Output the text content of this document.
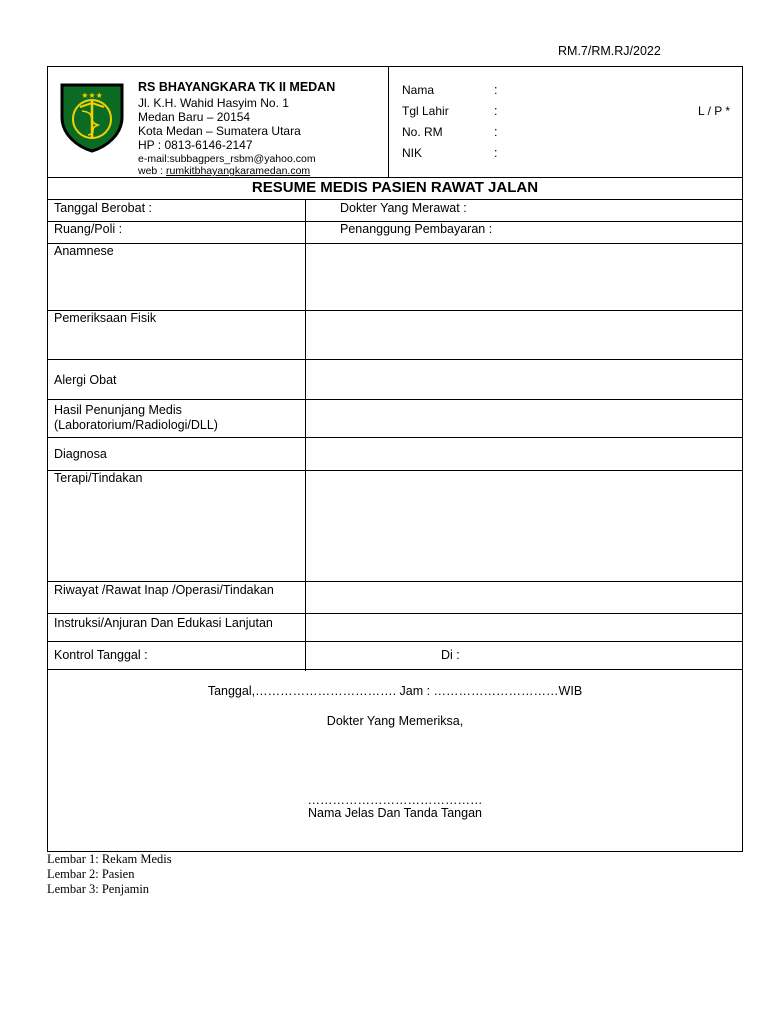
RM.7/RM.RJ/2022
★★★
RS BHAYANGKARA TK II MEDAN
Jl. K.H. Wahid Hasyim No. 1
Medan Baru – 20154
Kota Medan – Sumatera Utara
HP : 0813-6146-2147
e-mail:subbagpers_rsbm@yahoo.com
web : rumkitbhayangkaramedan.com
Nama	:
Tgl Lahir	:	L / P *
No. RM	:
NIK	:
RESUME MEDIS PASIEN RAWAT JALAN
Tanggal Berobat :	Dokter Yang Merawat :
Ruang/Poli :	Penanggung Pembayaran :
Anamnese
Pemeriksaan Fisik
Alergi Obat
Hasil Penunjang Medis
(Laboratorium/Radiologi/DLL)
Diagnosa
Terapi/Tindakan
Riwayat /Rawat Inap /Operasi/Tindakan
Instruksi/Anjuran Dan Edukasi Lanjutan
Kontrol Tanggal :	Di :
Tanggal,……………………………. Jam : …………………………WIB
Dokter Yang Memeriksa,
……………………………………
Nama Jelas Dan Tanda Tangan
Lembar 1: Rekam Medis
Lembar 2: Pasien
Lembar 3: Penjamin
